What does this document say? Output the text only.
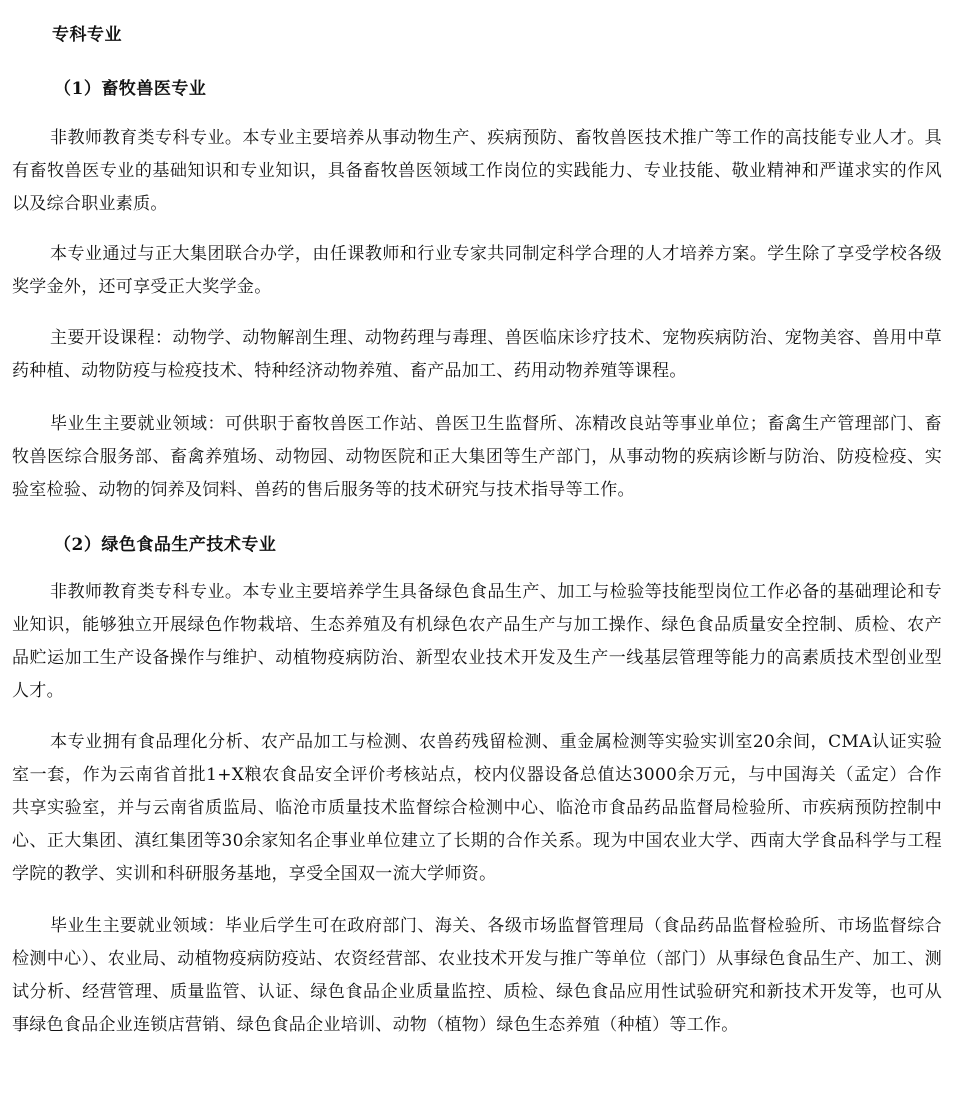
专科专业
（1）畜牧兽医专业

非教师教育类专科专业。本专业主要培养从事动物生产、疾病预防、畜牧兽医技术推广等工作的高技能专业人才。具有畜牧兽医专业的基础知识和专业知识，具备畜牧兽医领域工作岗位的实践能力、专业技能、敬业精神和严谨求实的作风以及综合职业素质。

本专业通过与正大集团联合办学，由任课教师和行业专家共同制定科学合理的人才培养方案。学生除了享受学校各级奖学金外，还可享受正大奖学金。

主要开设课程：动物学、动物解剖生理、动物药理与毒理、兽医临床诊疗技术、宠物疾病防治、宠物美容、兽用中草药种植、动物防疫与检疫技术、特种经济动物养殖、畜产品加工、药用动物养殖等课程。

毕业生主要就业领域：可供职于畜牧兽医工作站、兽医卫生监督所、冻精改良站等事业单位；畜禽生产管理部门、畜牧兽医综合服务部、畜禽养殖场、动物园、动物医院和正大集团等生产部门，从事动物的疾病诊断与防治、防疫检疫、实验室检验、动物的饲养及饲料、兽药的售后服务等的技术研究与技术指导等工作。

（2）绿色食品生产技术专业

非教师教育类专科专业。本专业主要培养学生具备绿色食品生产、加工与检验等技能型岗位工作必备的基础理论和专业知识，能够独立开展绿色作物栽培、生态养殖及有机绿色农产品生产与加工操作、绿色食品质量安全控制、质检、农产品贮运加工生产设备操作与维护、动植物疫病防治、新型农业技术开发及生产一线基层管理等能力的高素质技术型创业型人才。

本专业拥有食品理化分析、农产品加工与检测、农兽药残留检测、重金属检测等实验实训室20余间，CMA认证实验室一套，作为云南省首批1+X粮农食品安全评价考核站点，校内仪器设备总值达3000余万元，与中国海关（孟定）合作共享实验室，并与云南省质监局、临沧市质量技术监督综合检测中心、临沧市食品药品监督局检验所、市疾病预防控制中心、正大集团、滇红集团等30余家知名企事业单位建立了长期的合作关系。现为中国农业大学、西南大学食品科学与工程学院的教学、实训和科研服务基地，享受全国双一流大学师资。

毕业生主要就业领域：毕业后学生可在政府部门、海关、各级市场监督管理局（食品药品监督检验所、市场监督综合检测中心）、农业局、动植物疫病防疫站、农资经营部、农业技术开发与推广等单位（部门）从事绿色食品生产、加工、测试分析、经营管理、质量监管、认证、绿色食品企业质量监控、质检、绿色食品应用性试验研究和新技术开发等，也可从事绿色食品企业连锁店营销、绿色食品企业培训、动物（植物）绿色生态养殖（种植）等工作。
